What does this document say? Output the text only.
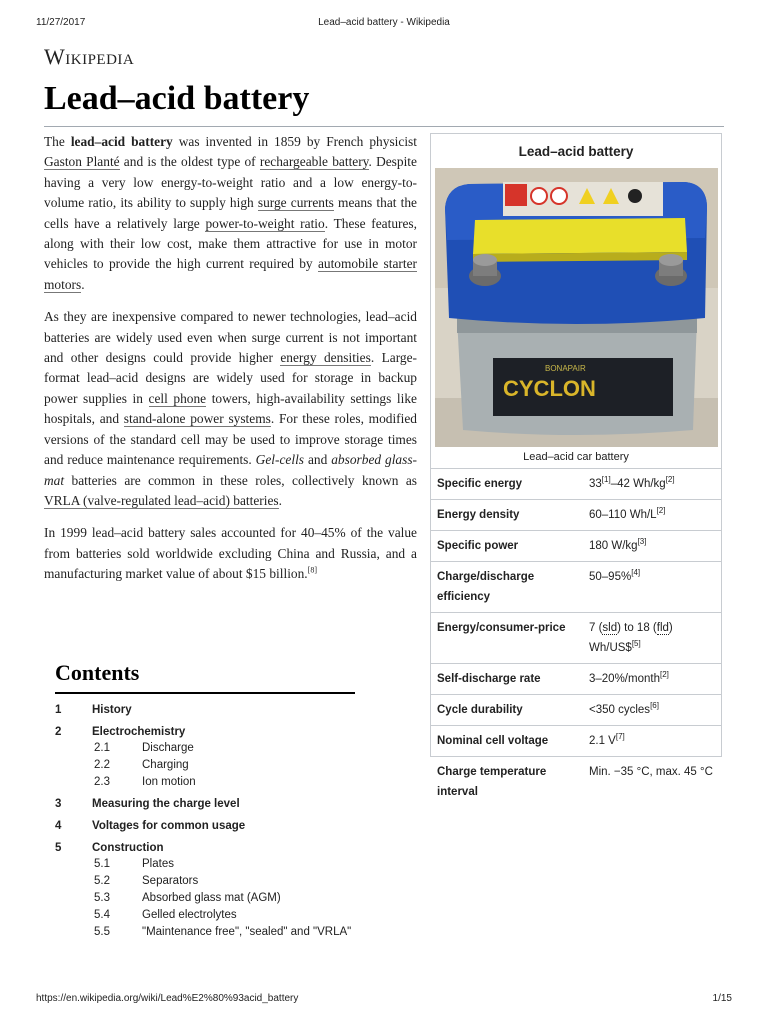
11/27/2017	Lead–acid battery - Wikipedia
Wikipedia
Lead–acid battery

The lead–acid battery was invented in 1859 by French physicist Gaston Planté and is the oldest type of rechargeable battery. Despite having a very low energy-to-weight ratio and a low energy-to-volume ratio, its ability to supply high surge currents means that the cells have a relatively large power-to-weight ratio. These features, along with their low cost, make them attractive for use in motor vehicles to provide the high current required by automobile starter motors.

As they are inexpensive compared to newer technologies, lead–acid batteries are widely used even when surge current is not important and other designs could provide higher energy densities. Large-format lead–acid designs are widely used for storage in backup power supplies in cell phone towers, high-availability settings like hospitals, and stand-alone power systems. For these roles, modified versions of the standard cell may be used to improve storage times and reduce maintenance requirements. Gel-cells and absorbed glass-mat batteries are common in these roles, collectively known as VRLA (valve-regulated lead–acid) batteries.

In 1999 lead–acid battery sales accounted for 40–45% of the value from batteries sold worldwide excluding China and Russia, and a manufacturing market value of about $15 billion.[8]

Contents
1	History
2	Electrochemistry
2.1	Discharge
2.2	Charging
2.3	Ion motion
3	Measuring the charge level
4	Voltages for common usage
5	Construction
5.1	Plates
5.2	Separators
5.3	Absorbed glass mat (AGM)
5.4	Gelled electrolytes
5.5	"Maintenance free", "sealed" and "VRLA"
Lead–acid battery
BONAPAIR
CYCLON
Lead–acid car battery
Specific energy	33[1]–42 Wh/kg[2]
Energy density	60–110 Wh/L[2]
Specific power	180 W/kg[3]
Charge/discharge efficiency	50–95%[4]
Energy/consumer-price	7 (sld) to 18 (fld) Wh/US$[5]
Self-discharge rate	3–20%/month[2]
Cycle durability	<350 cycles[6]
Nominal cell voltage	2.1 V[7]
Charge temperature interval	Min. −35 °C, max. 45 °C
https://en.wikipedia.org/wiki/Lead%E2%80%93acid_battery	1/15
